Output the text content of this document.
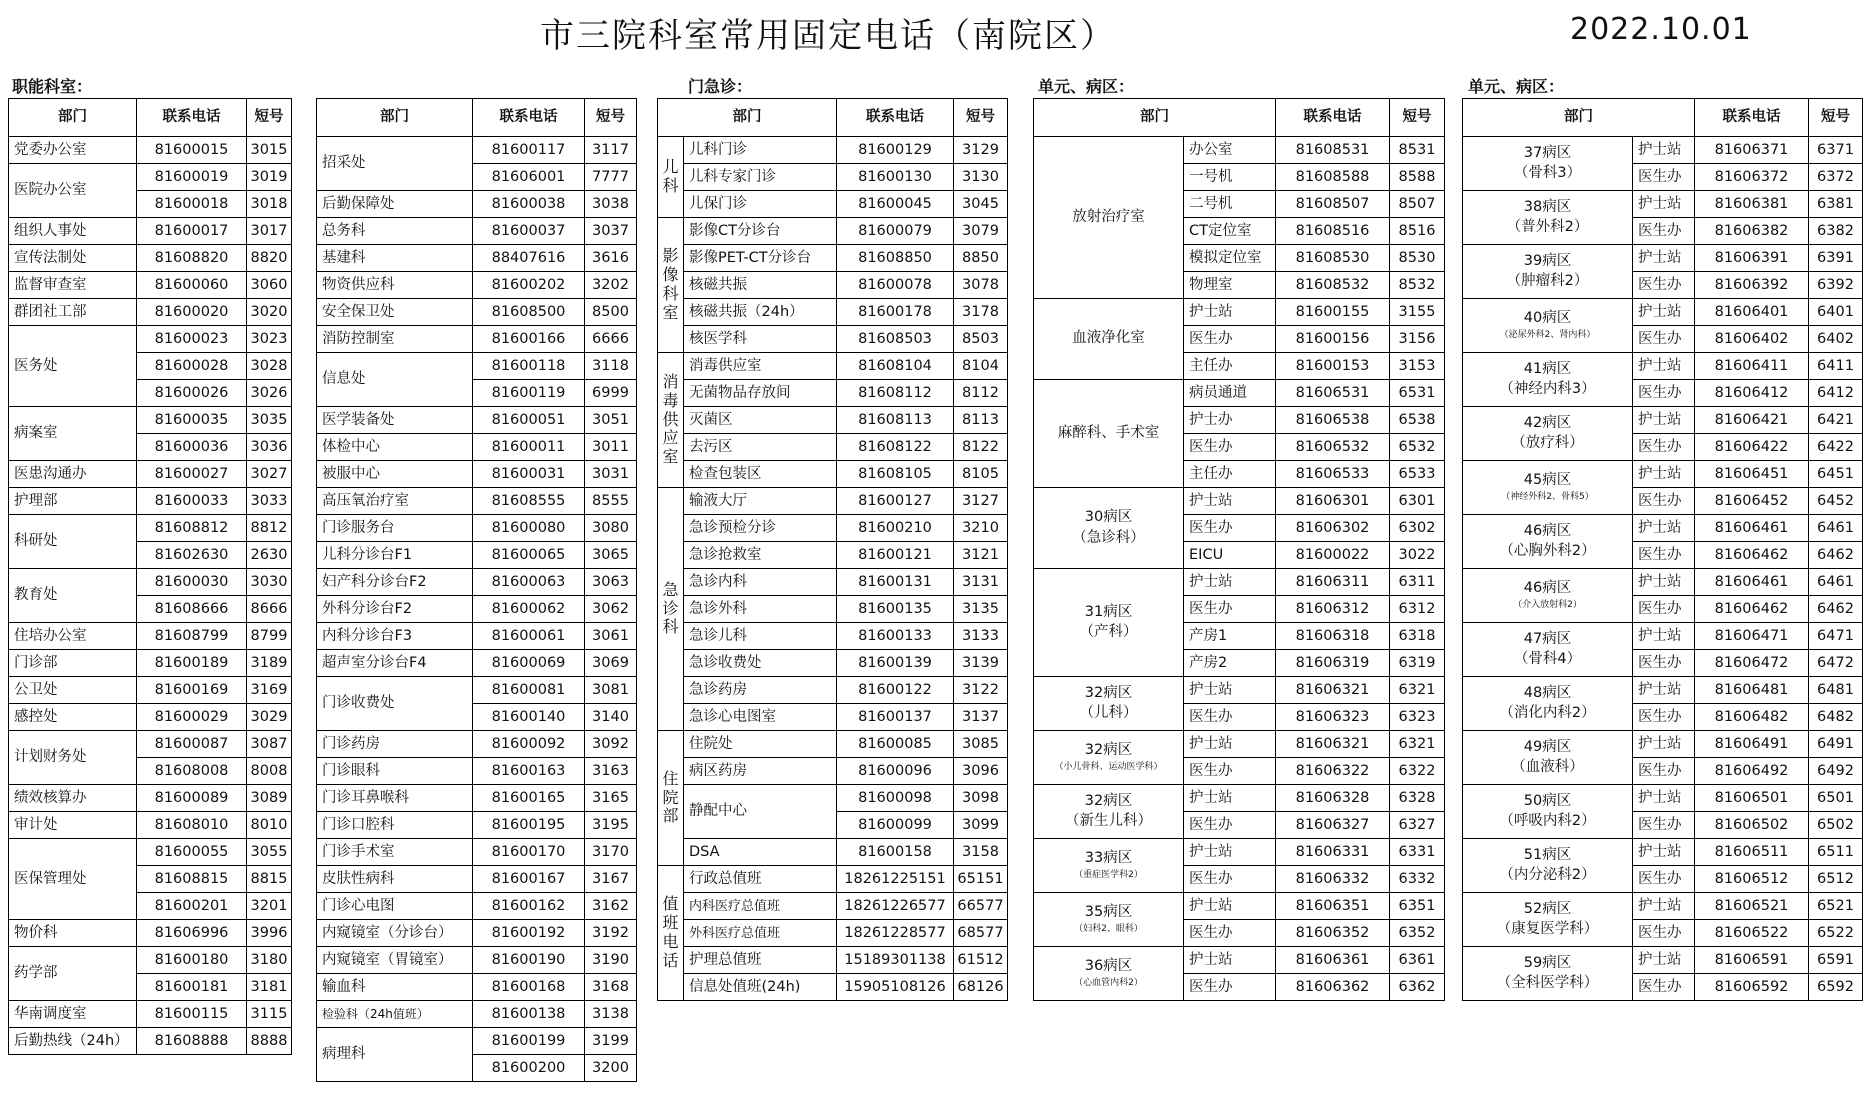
市三院科室常用固定电话（南院区）	2022.10.01
职能科室：	门急诊：	单元、病区：	单元、病区：
部门	联系电话	短号
党委办公室	81600015	3015
医院办公室	81600019	3019
	81600018	3018
组织人事处	81600017	3017
宣传法制处	81608820	8820
监督审查室	81600060	3060
群团社工部	81600020	3020
医务处	81600023	3023
	81600028	3028
	81600026	3026
病案室	81600035	3035
	81600036	3036
医患沟通办	81600027	3027
护理部	81600033	3033
科研处	81608812	8812
	81602630	2630
教育处	81600030	3030
	81608666	8666
住培办公室	81608799	8799
门诊部	81600189	3189
公卫处	81600169	3169
感控处	81600029	3029
计划财务处	81600087	3087
	81608008	8008
绩效核算办	81600089	3089
审计处	81608010	8010
医保管理处	81600055	3055
	81608815	8815
	81600201	3201
物价科	81606996	3996
药学部	81600180	3180
	81600181	3181
华南调度室	81600115	3115
后勤热线（24h）	81608888	8888
部门	联系电话	短号
招采处	81600117	3117
	81606001	7777
后勤保障处	81600038	3038
总务科	81600037	3037
基建科	88407616	3616
物资供应科	81600202	3202
安全保卫处	81608500	8500
消防控制室	81600166	6666
信息处	81600118	3118
	81600119	6999
医学装备处	81600051	3051
体检中心	81600011	3011
被服中心	81600031	3031
高压氧治疗室	81608555	8555
门诊服务台	81600080	3080
儿科分诊台F1	81600065	3065
妇产科分诊台F2	81600063	3063
外科分诊台F2	81600062	3062
内科分诊台F3	81600061	3061
超声室分诊台F4	81600069	3069
门诊收费处	81600081	3081
	81600140	3140
门诊药房	81600092	3092
门诊眼科	81600163	3163
门诊耳鼻喉科	81600165	3165
门诊口腔科	81600195	3195
门诊手术室	81600170	3170
皮肤性病科	81600167	3167
门诊心电图	81600162	3162
内窥镜室（分诊台）	81600192	3192
内窥镜室（胃镜室）	81600190	3190
输血科	81600168	3168
检验科（24h值班）	81600138	3138
病理科	81600199	3199
	81600200	3200
部门		联系电话	短号
儿科	儿科门诊	81600129	3129
	儿科专家门诊	81600130	3130
	儿保门诊	81600045	3045
影像科室	影像CT分诊台	81600079	3079
	影像PET-CT分诊台	81608850	8850
	核磁共振	81600078	3078
	核磁共振（24h）	81600178	3178
	核医学科	81608503	8503
消毒供应室	消毒供应室	81608104	8104
	无菌物品存放间	81608112	8112
	灭菌区	81608113	8113
	去污区	81608122	8122
	检查包装区	81608105	8105
急诊科	输液大厅	81600127	3127
	急诊预检分诊	81600210	3210
	急诊抢救室	81600121	3121
	急诊内科	81600131	3131
	急诊外科	81600135	3135
	急诊儿科	81600133	3133
	急诊收费处	81600139	3139
	急诊药房	81600122	3122
	急诊心电图室	81600137	3137
住院部	住院处	81600085	3085
	病区药房	81600096	3096
	静配中心	81600098	3098
		81600099	3099
	DSA	81600158	3158
值班电话	行政总值班	18261225151	65151
	内科医疗总值班	18261226577	66577
	外科医疗总值班	18261228577	68577
	护理总值班	15189301138	61512
	信息处值班(24h)	15905108126	68126
部门		联系电话	短号

放射治疗室	办公室	81608531	8531
	一号机	81608588	8588
	二号机	81608507	8507
	CT定位室	81608516	8516
	模拟定位室	81608530	8530
	物理室	81608532	8532

血液净化室	护士站	81600155	3155
	医生办	81600156	3156
	主任办	81600153	3153

麻醉科、手术室	病员通道	81606531	6531
	护士办	81606538	6538
	医生办	81606532	6532
	主任办	81606533	6533

30病区
（急诊科）	护士站	81606301	6301
	医生办	81606302	6302
	EICU	81600022	3022

31病区
（产科）	护士站	81606311	6311
	医生办	81606312	6312
	产房1	81606318	6318
	产房2	81606319	6319

32病区
（儿科）	护士站	81606321	6321
	医生办	81606323	6323

32病区
（小儿骨科、运动医学科）	护士站	81606321	6321
	医生办	81606322	6322

32病区
（新生儿科）	护士站	81606328	6328
	医生办	81606327	6327

33病区
（重症医学科2）	护士站	81606331	6331
	医生办	81606332	6332

35病区
（妇科2、眼科）	护士站	81606351	6351
	医生办	81606352	6352

36病区
（心血管内科2）	护士站	81606361	6361
	医生办	81606362	6362
部门		联系电话	短号

37病区
（骨科3）	护士站	81606371	6371
	医生办	81606372	6372

38病区
（普外科2）	护士站	81606381	6381
	医生办	81606382	6382

39病区
（肿瘤科2）	护士站	81606391	6391
	医生办	81606392	6392

40病区
（泌尿外科2、肾内科）	护士站	81606401	6401
	医生办	81606402	6402

41病区
（神经内科3）	护士站	81606411	6411
	医生办	81606412	6412

42病区
（放疗科）	护士站	81606421	6421
	医生办	81606422	6422

45病区
（神经外科2、骨科5）	护士站	81606451	6451
	医生办	81606452	6452

46病区
（心胸外科2）	护士站	81606461	6461
	医生办	81606462	6462

46病区
（介入放射科2）	护士站	81606461	6461
	医生办	81606462	6462

47病区
（骨科4）	护士站	81606471	6471
	医生办	81606472	6472

48病区
（消化内科2）	护士站	81606481	6481
	医生办	81606482	6482

49病区
（血液科）	护士站	81606491	6491
	医生办	81606492	6492

50病区
（呼吸内科2）	护士站	81606501	6501
	医生办	81606502	6502

51病区
（内分泌科2）	护士站	81606511	6511
	医生办	81606512	6512

52病区
（康复医学科）	护士站	81606521	6521
	医生办	81606522	6522

59病区
（全科医学科）	护士站	81606591	6591
	医生办	81606592	6592
